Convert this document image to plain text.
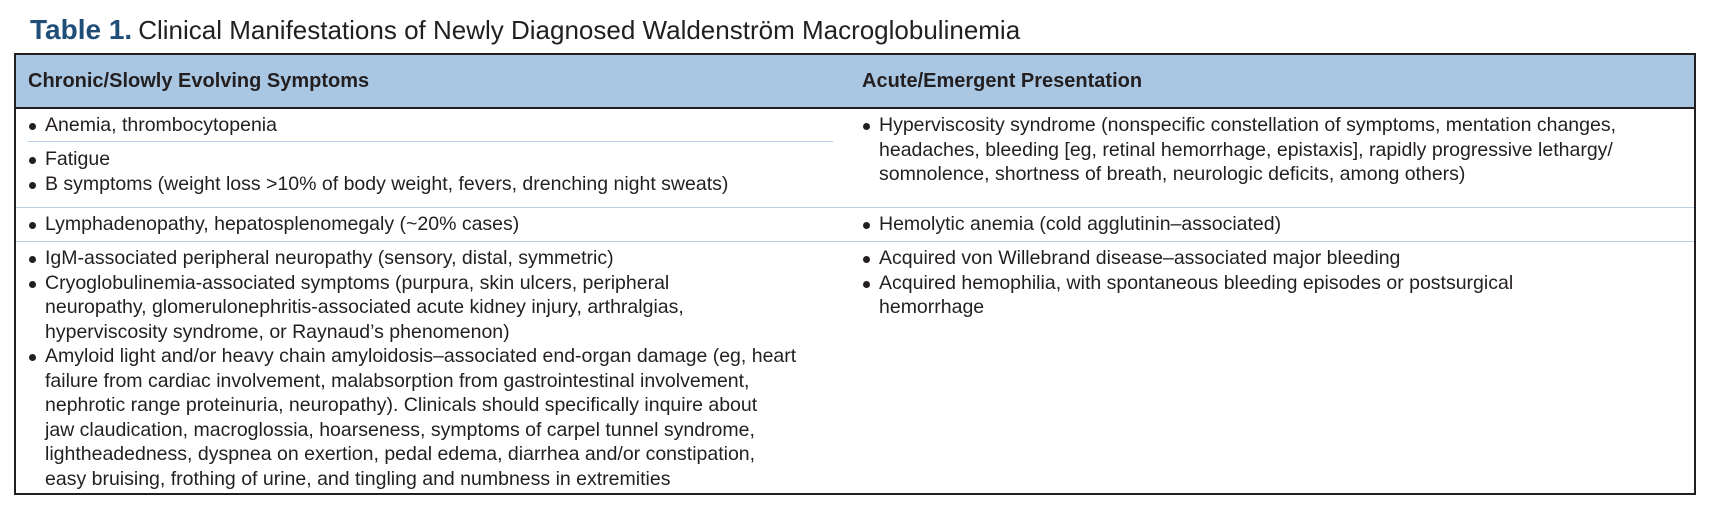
Table 1. Clinical Manifestations of Newly Diagnosed Waldenström Macroglobulinemia
Chronic/Slowly Evolving Symptoms	Acute/Emergent Presentation
Anemia, thrombocytopenia
Fatigue
B symptoms (weight loss >10% of body weight, fevers, drenching night sweats)
Hyperviscosity syndrome (nonspecific constellation of symptoms, mentation changes,
headaches, bleeding [eg, retinal hemorrhage, epistaxis], rapidly progressive lethargy/
somnolence, shortness of breath, neurologic deficits, among others)
Lymphadenopathy, hepatosplenomegaly (~20% cases)	Hemolytic anemia (cold agglutinin–associated)
IgM-associated peripheral neuropathy (sensory, distal, symmetric)
Cryoglobulinemia-associated symptoms (purpura, skin ulcers, peripheral
neuropathy, glomerulonephritis-associated acute kidney injury, arthralgias,
hyperviscosity syndrome, or Raynaud’s phenomenon)
Amyloid light and/or heavy chain amyloidosis–associated end-organ damage (eg, heart
failure from cardiac involvement, malabsorption from gastrointestinal involvement,
nephrotic range proteinuria, neuropathy). Clinicals should specifically inquire about
jaw claudication, macroglossia, hoarseness, symptoms of carpel tunnel syndrome,
lightheadedness, dyspnea on exertion, pedal edema, diarrhea and/or constipation,
easy bruising, frothing of urine, and tingling and numbness in extremities
Acquired von Willebrand disease–associated major bleeding
Acquired hemophilia, with spontaneous bleeding episodes or postsurgical
hemorrhage
